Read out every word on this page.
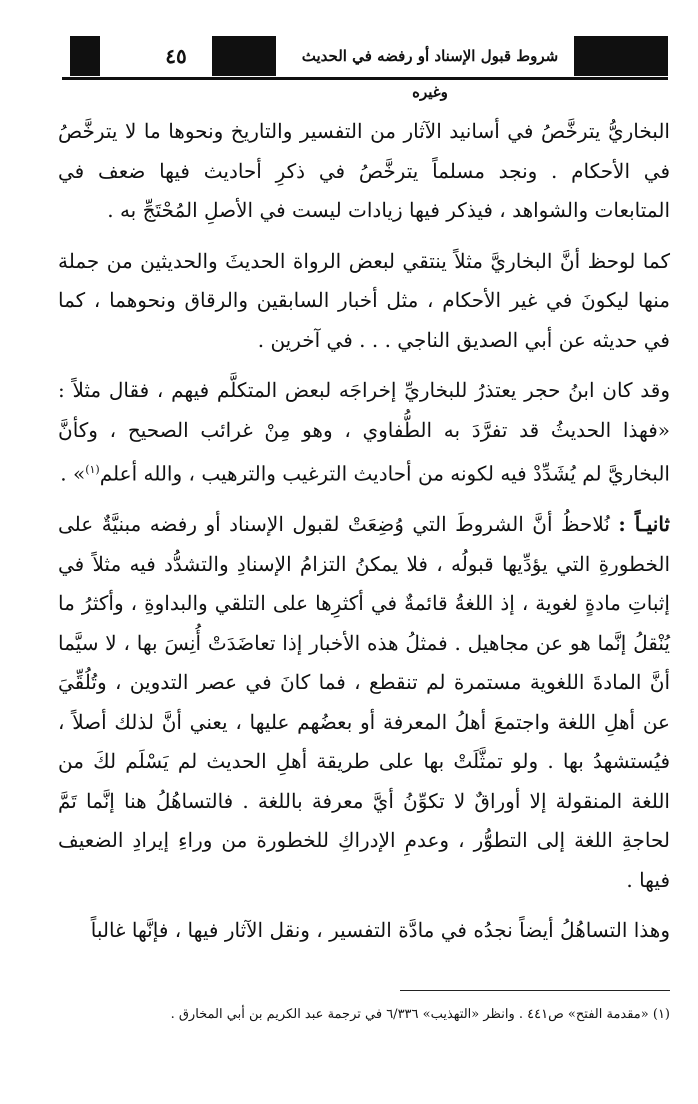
٤٥	شروط قبول الإسناد أو رفضه في الحديث وغيره

البخاريُّ يترخَّصُ في أسانيد الآثار من التفسير والتاريخ ونحوها ما لا يترخَّصُ في الأحكام . ونجد مسلماً يترخَّصُ في ذكرِ أحاديث فيها ضعف في المتابعات والشواهد ، فيذكر فيها زيادات ليست في الأصلِ المُحْتَجِّ به .

كما لوحظ أنَّ البخاريَّ مثلاً ينتقي لبعض الرواة الحديثَ والحديثين من جملة منها ليكونَ في غير الأحكام ، مثل أخبار السابقين والرقاق ونحوهما ، كما في حديثه عن أبي الصديق الناجي . . . في آخرين .

وقد كان ابنُ حجر يعتذرُ للبخاريِّ إخراجَه لبعض المتكلَّم فيهم ، فقال مثلاً : «فهذا الحديثُ قد تفرَّدَ به الطُّفاوي ، وهو مِنْ غرائب الصحيح ، وكأنَّ البخاريَّ لم يُشَدِّدْ فيه لكونه من أحاديث الترغيب والترهيب ، والله أعلم$^{(١)}$» .

ثانيـاً : نُلاحظُ أنَّ الشروطَ التي وُضِعَتْ لقبول الإسناد أو رفضه مبنيَّةٌ على الخطورةِ التي يؤدِّيها قبولُه ، فلا يمكنُ التزامُ الإسنادِ والتشدُّد فيه مثلاً في إثباتِ مادةٍ لغوية ، إذ اللغةُ قائمةٌ في أكثرِها على التلقي والبداوةِ ، وأكثرُ ما يُنْقلُ إنَّما هو عن مجاهيل . فمثلُ هذه الأخبار إذا تعاضَدَتْ أُنِسَ بها ، لا سيَّما أنَّ المادةَ اللغوية مستمرة لم تنقطع ، فما كانَ في عصر التدوين ، وتُلُقِّيَ عن أهلِ اللغة واجتمعَ أهلُ المعرفة أو بعضُهم عليها ، يعني أنَّ لذلك أصلاً ، فيُستشهدُ بها . ولو تمثَّلَتْ بها على طريقة أهلِ الحديث لم يَسْلَم لكَ من اللغة المنقولة إلا أوراقٌ لا تكوِّنُ أيَّ معرفة باللغة . فالتساهُلُ هنا إنَّما تَمَّ لحاجةِ اللغة إلى التطوُّر ، وعدمِ الإدراكِ للخطورة من وراءِ إيرادِ الضعيف فيها .

وهذا التساهُلُ أيضاً نجدُه في مادَّة التفسير ، ونقل الآثار فيها ، فإنَّها غالباً

(١) «مقدمة الفتح» ص٤٤١ . وانظر «التهذيب» ٦/٣٣٦ في ترجمة عبد الكريم بن أبي المخارق .
